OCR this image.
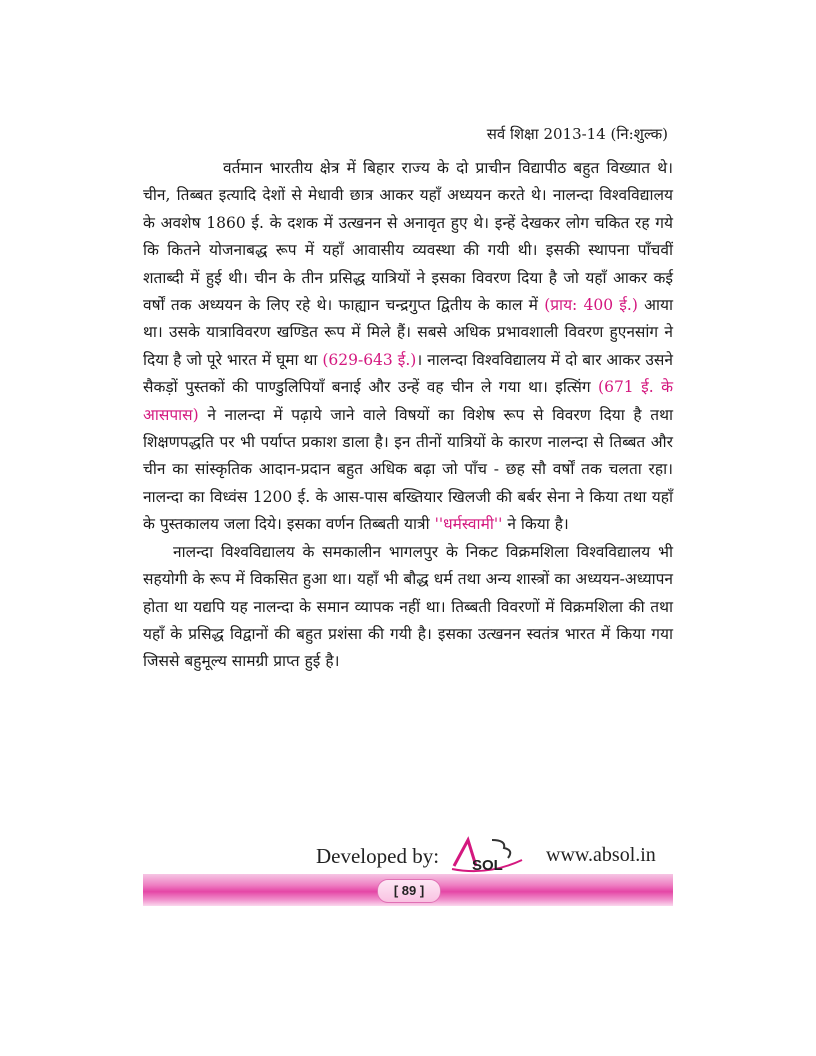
सर्व शिक्षा 2013-14 (नि:शुल्क)

वर्तमान भारतीय क्षेत्र में बिहार राज्य के दो प्राचीन विद्यापीठ बहुत विख्यात थे। चीन, तिब्बत इत्यादि देशों से मेधावी छात्र आकर यहाँ अध्ययन करते थे। नालन्दा विश्वविद्यालय के अवशेष 1860 ई. के दशक में उत्खनन से अनावृत हुए थे। इन्हें देखकर लोग चकित रह गये कि कितने योजनाबद्ध रूप में यहाँ आवासीय व्यवस्था की गयी थी। इसकी स्थापना पाँचवीं शताब्दी में हुई थी। चीन के तीन प्रसिद्ध यात्रियों ने इसका विवरण दिया है जो यहाँ आकर कई वर्षों तक अध्ययन के लिए रहे थे। फाह्यान चन्द्रगुप्त द्वितीय के काल में (प्राय: 400 ई.) आया था। उसके यात्राविवरण खण्डित रूप में मिले हैं। सबसे अधिक प्रभावशाली विवरण हुएनसांग ने दिया है जो पूरे भारत में घूमा था (629-643 ई.)। नालन्दा विश्वविद्यालय में दो बार आकर उसने सैकड़ों पुस्तकों की पाण्डुलिपियाँ बनाई और उन्हें वह चीन ले गया था। इत्सिंग (671 ई. के आसपास) ने नालन्दा में पढ़ाये जाने वाले विषयों का विशेष रूप से विवरण दिया है तथा शिक्षणपद्धति पर भी पर्याप्त प्रकाश डाला है। इन तीनों यात्रियों के कारण नालन्दा से तिब्बत और चीन का सांस्कृतिक आदान-प्रदान बहुत अधिक बढ़ा जो पाँच - छह सौ वर्षों तक चलता रहा। नालन्दा का विध्वंस 1200 ई. के आस-पास बख्तियार खिलजी की बर्बर सेना ने किया तथा यहाँ के पुस्तकालय जला दिये। इसका वर्णन तिब्बती यात्री ''धर्मस्वामी'' ने किया है।

नालन्दा विश्वविद्यालय के समकालीन भागलपुर के निकट विक्रमशिला विश्वविद्यालय भी सहयोगी के रूप में विकसित हुआ था। यहाँ भी बौद्ध धर्म तथा अन्य शास्त्रों का अध्ययन-अध्यापन होता था यद्यपि यह नालन्दा के समान व्यापक नहीं था। तिब्बती विवरणों में विक्रमशिला की तथा यहाँ के प्रसिद्ध विद्वानों की बहुत प्रशंसा की गयी है। इसका उत्खनन स्वतंत्र भारत में किया गया जिससे बहुमूल्य सामग्री प्राप्त हुई है।

Developed by: SOL www.absol.in
[ 89 ]
